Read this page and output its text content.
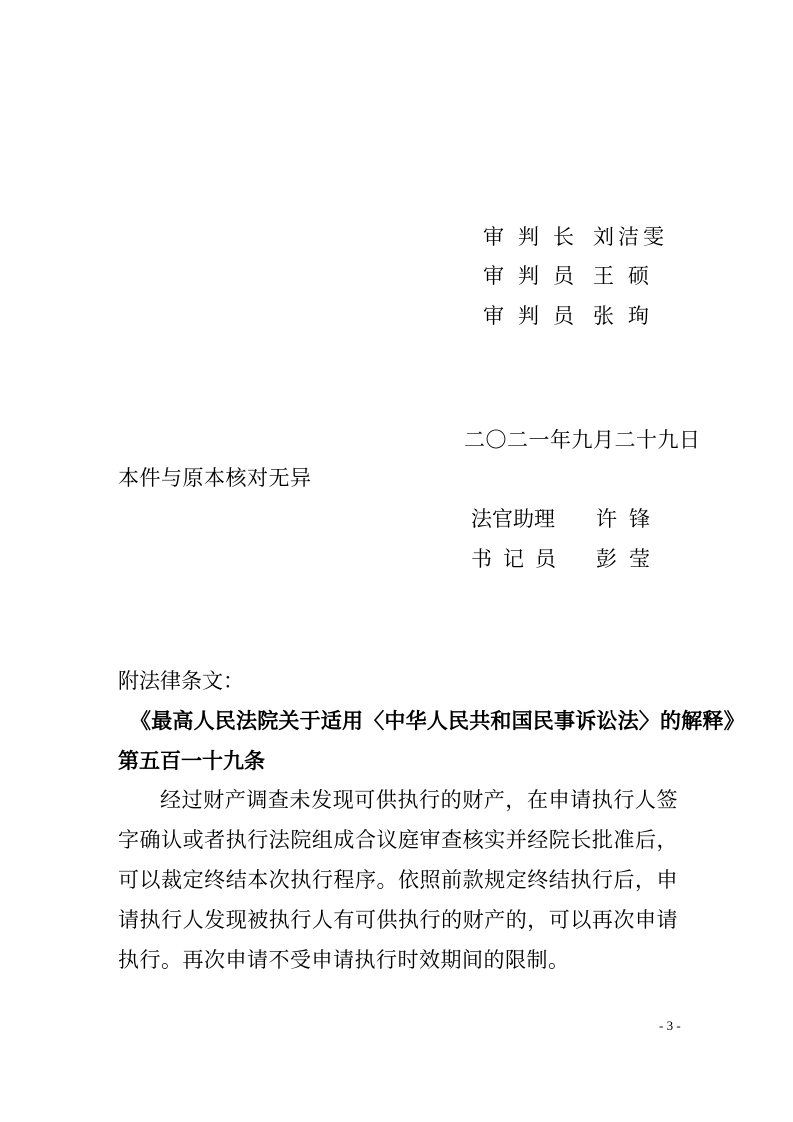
审判长 刘洁雯
审判员 王硕
审判员 张珣
二〇二一年九月二十九日
本件与原本核对无异
法官助理 许锋
书记员 彭莹
附法律条文：
《最高人民法院关于适用〈中华人民共和国民事诉讼法〉的解释》
第五百一十九条
经过财产调查未发现可供执行的财产，在申请执行人签字确认或者执行法院组成合议庭审查核实并经院长批准后，可以裁定终结本次执行程序。依照前款规定终结执行后，申请执行人发现被执行人有可供执行的财产的，可以再次申请执行。再次申请不受申请执行时效期间的限制。
- 3 -
